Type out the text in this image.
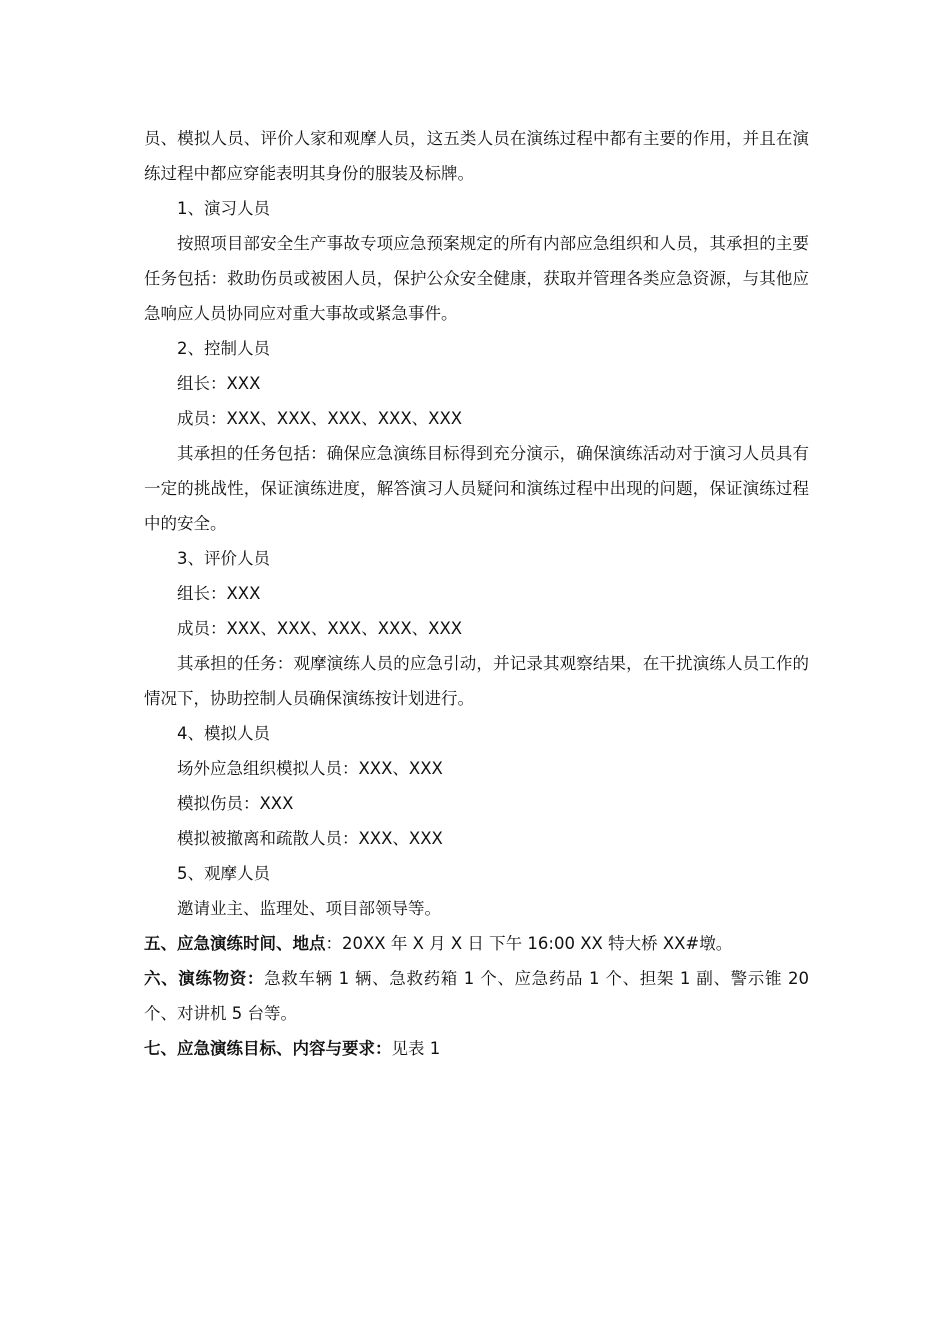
员、模拟人员、评价人家和观摩人员，这五类人员在演练过程中都有主要的作用，并且在演练过程中都应穿能表明其身份的服装及标牌。

1、演习人员

按照项目部安全生产事故专项应急预案规定的所有内部应急组织和人员，其承担的主要任务包括：救助伤员或被困人员，保护公众安全健康，获取并管理各类应急资源，与其他应急响应人员协同应对重大事故或紧急事件。

2、控制人员

组长：XXX

成员：XXX、XXX、XXX、XXX、XXX

其承担的任务包括：确保应急演练目标得到充分演示，确保演练活动对于演习人员具有一定的挑战性，保证演练进度，解答演习人员疑问和演练过程中出现的问题，保证演练过程中的安全。

3、评价人员

组长：XXX

成员：XXX、XXX、XXX、XXX、XXX

其承担的任务：观摩演练人员的应急引动，并记录其观察结果，在干扰演练人员工作的情况下，协助控制人员确保演练按计划进行。

4、模拟人员

场外应急组织模拟人员：XXX、XXX

模拟伤员：XXX

模拟被撤离和疏散人员：XXX、XXX

5、观摩人员

邀请业主、监理处、项目部领导等。

五、应急演练时间、地点：20XX 年 X 月 X 日 下午 16:00 XX 特大桥 XX#墩。

六、演练物资：急救车辆 1 辆、急救药箱 1 个、应急药品 1 个、担架 1 副、警示锥 20 个、对讲机 5 台等。

七、应急演练目标、内容与要求：见表 1
